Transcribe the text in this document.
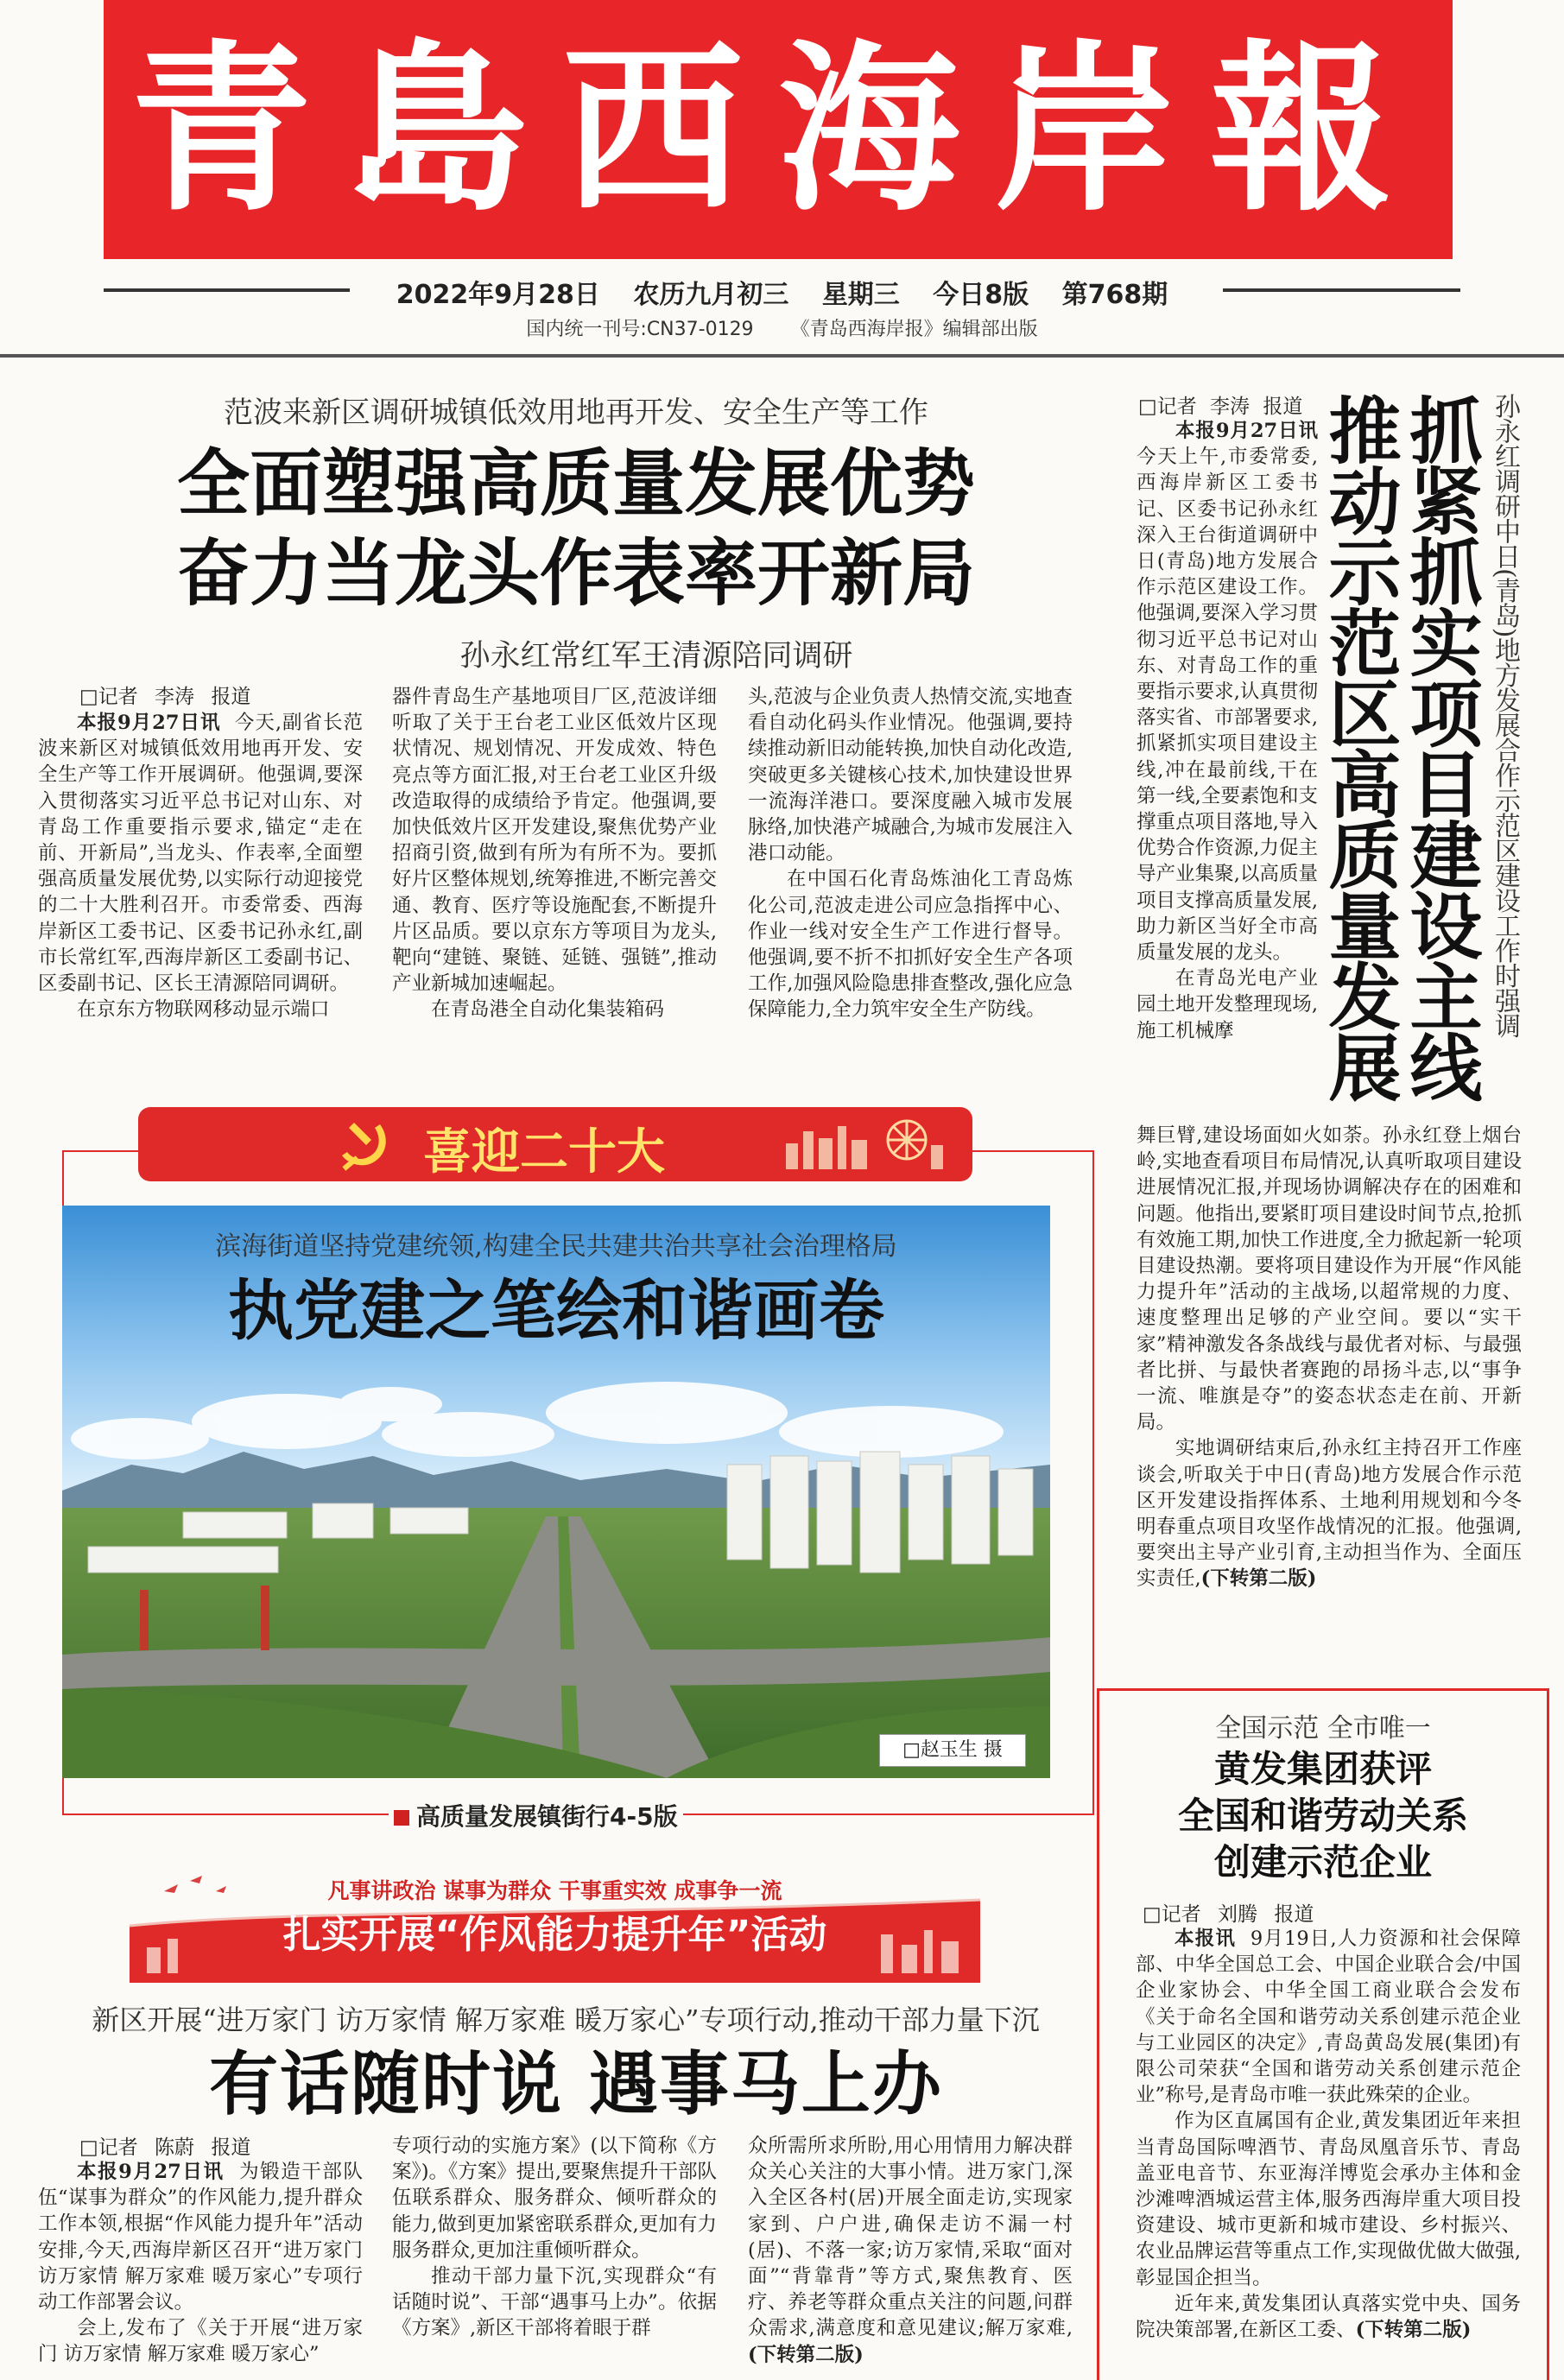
青島西海岸報
2022年9月28日 农历九月初三 星期三 今日8版 第768期
国内统一刊号:CN37-0129 《青岛西海岸报》编辑部出版
范波来新区调研城镇低效用地再开发、安全生产等工作
全面塑强高质量发展优势
奋力当龙头作表率开新局
孙永红常红军王清源陪同调研
□记者 李涛 报道

本报9月27日讯 今天,副省长范波来新区对城镇低效用地再开发、安全生产等工作开展调研。他强调,要深入贯彻落实习近平总书记对山东、对青岛工作重要指示要求,锚定“走在前、开新局”,当龙头、作表率,全面塑强高质量发展优势,以实际行动迎接党的二十大胜利召开。市委常委、西海岸新区工委书记、区委书记孙永红,副市长常红军,西海岸新区工委副书记、区委副书记、区长王清源陪同调研。

在京东方物联网移动显示端口

器件青岛生产基地项目厂区,范波详细听取了关于王台老工业区低效片区现状情况、规划情况、开发成效、特色亮点等方面汇报,对王台老工业区升级改造取得的成绩给予肯定。他强调,要加快低效片区开发建设,聚焦优势产业招商引资,做到有所为有所不为。要抓好片区整体规划,统筹推进,不断完善交通、教育、医疗等设施配套,不断提升片区品质。要以京东方等项目为龙头,靶向“建链、聚链、延链、强链”,推动产业新城加速崛起。

在青岛港全自动化集装箱码

头,范波与企业负责人热情交流,实地查看自动化码头作业情况。他强调,要持续推动新旧动能转换,加快自动化改造,突破更多关键核心技术,加快建设世界一流海洋港口。要深度融入城市发展脉络,加快港产城融合,为城市发展注入港口动能。

在中国石化青岛炼油化工青岛炼化公司,范波走进公司应急指挥中心、作业一线对安全生产工作进行督导。他强调,要不折不扣抓好安全生产各项工作,加强风险隐患排查整改,强化应急保障能力,全力筑牢安全生产防线。

喜迎二十大
滨海街道坚持党建统领,构建全民共建共治共享社会治理格局
执党建之笔绘和谐画卷
□赵玉生 摄
高质量发展镇街行4-5版
凡事讲政治 谋事为群众 干事重实效 成事争一流
扎实开展“作风能力提升年”活动
新区开展“进万家门 访万家情 解万家难 暖万家心”专项行动,推动干部力量下沉
有话随时说 遇事马上办
□记者 陈蔚 报道

本报9月27日讯 为锻造干部队伍“谋事为群众”的作风能力,提升群众工作本领,根据“作风能力提升年”活动安排,今天,西海岸新区召开“进万家门 访万家情 解万家难 暖万家心”专项行动工作部署会议。

会上,发布了《关于开展“进万家门 访万家情 解万家难 暖万家心”

专项行动的实施方案》(以下简称《方案》)。《方案》提出,要聚焦提升干部队伍联系群众、服务群众、倾听群众的能力,做到更加紧密联系群众,更加有力服务群众,更加注重倾听群众。

推动干部力量下沉,实现群众“有话随时说”、干部“遇事马上办”。依据《方案》,新区干部将着眼于群

众所需所求所盼,用心用情用力解决群众关心关注的大事小情。进万家门,深入全区各村(居)开展全面走访,实现家家到、户户进,确保走访不漏一村(居)、不落一家;访万家情,采取“面对面”“背靠背”等方式,聚焦教育、医疗、养老等群众重点关注的问题,问群众需求,满意度和意见建议;解万家难,(下转第二版)

□记者 李涛 报道

本报9月27日讯今天上午,市委常委,西海岸新区工委书记、区委书记孙永红深入王台街道调研中日(青岛)地方发展合作示范区建设工作。他强调,要深入学习贯彻习近平总书记对山东、对青岛工作的重要指示要求,认真贯彻落实省、市部署要求,抓紧抓实项目建设主线,冲在最前线,干在第一线,全要素饱和支撑重点项目落地,导入优势合作资源,力促主导产业集聚,以高质量项目支撑高质量发展,助力新区当好全市高质量发展的龙头。

在青岛光电产业园土地开发整理现场,施工机械摩	抓紧抓实项目建设主线
推动示范区高质量发展	孙永红调研中日(青岛)地方发展合作示范区建设工作时强调

舞巨臂,建设场面如火如荼。孙永红登上烟台岭,实地查看项目布局情况,认真听取项目建设进展情况汇报,并现场协调解决存在的困难和问题。他指出,要紧盯项目建设时间节点,抢抓有效施工期,加快工作进度,全力掀起新一轮项目建设热潮。要将项目建设作为开展“作风能力提升年”活动的主战场,以超常规的力度、速度整理出足够的产业空间。要以“实干家”精神激发各条战线与最优者对标、与最强者比拼、与最快者赛跑的昂扬斗志,以“事争一流、唯旗是夺”的姿态状态走在前、开新局。

实地调研结束后,孙永红主持召开工作座谈会,听取关于中日(青岛)地方发展合作示范区开发建设指挥体系、土地利用规划和今冬明春重点项目攻坚作战情况的汇报。他强调,要突出主导产业引育,主动担当作为、全面压实责任,(下转第二版)

全国示范 全市唯一
黄发集团获评
全国和谐劳动关系
创建示范企业
□记者 刘腾 报道

本报讯 9月19日,人力资源和社会保障部、中华全国总工会、中国企业联合会/中国企业家协会、中华全国工商业联合会发布《关于命名全国和谐劳动关系创建示范企业与工业园区的决定》,青岛黄岛发展(集团)有限公司荣获“全国和谐劳动关系创建示范企业”称号,是青岛市唯一获此殊荣的企业。

作为区直属国有企业,黄发集团近年来担当青岛国际啤酒节、青岛凤凰音乐节、青岛盖亚电音节、东亚海洋博览会承办主体和金沙滩啤酒城运营主体,服务西海岸重大项目投资建设、城市更新和城市建设、乡村振兴、农业品牌运营等重点工作,实现做优做大做强,彰显国企担当。

近年来,黄发集团认真落实党中央、国务院决策部署,在新区工委、(下转第二版)
